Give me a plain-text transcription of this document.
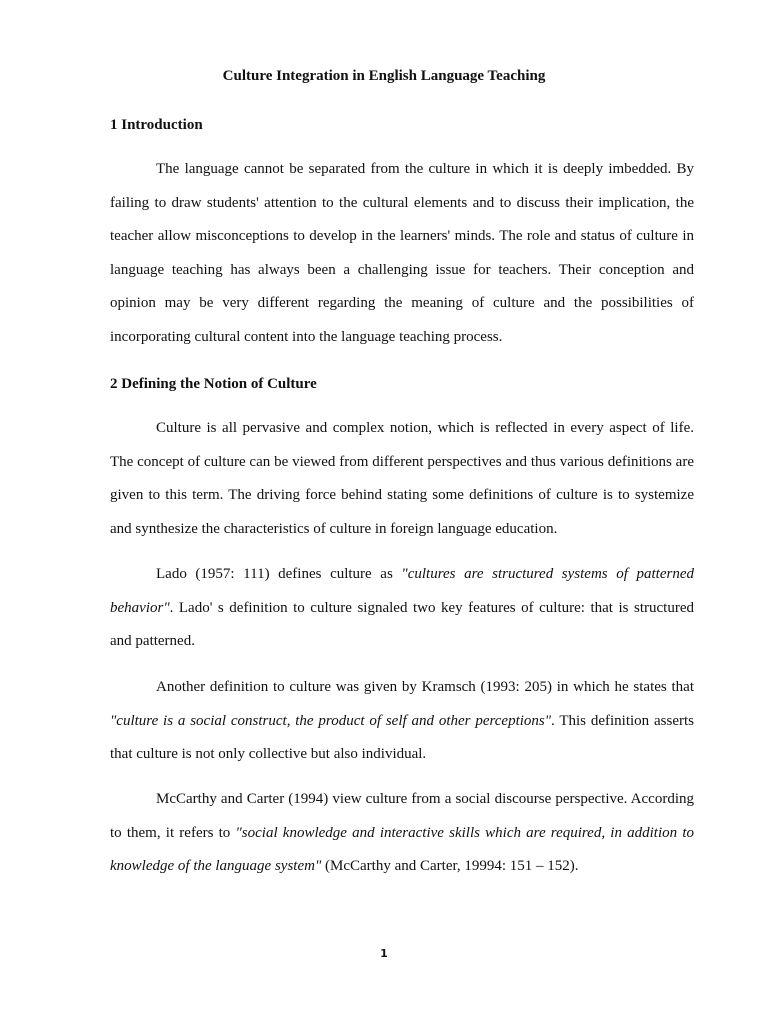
Culture Integration in English Language Teaching
1 Introduction

The language cannot be separated from the culture in which it is deeply imbedded. By failing to draw students' attention to the cultural elements and to discuss their implication, the teacher allow misconceptions to develop in the learners' minds. The role and status of culture in language teaching has always been a challenging issue for teachers. Their conception and opinion may be very different regarding the meaning of culture and the possibilities of incorporating cultural content into the language teaching process.

2 Defining the Notion of Culture

Culture is all pervasive and complex notion, which is reflected in every aspect of life. The concept of culture can be viewed from different perspectives and thus various definitions are given to this term. The driving force behind stating some definitions of culture is to systemize and synthesize the characteristics of culture in foreign language education.

Lado (1957: 111) defines culture as "cultures are structured systems of patterned behavior". Lado' s definition to culture signaled two key features of culture: that is structured and patterned.

Another definition to culture was given by Kramsch (1993: 205) in which he states that "culture is a social construct, the product of self and other perceptions". This definition asserts that culture is not only collective but also individual.

McCarthy and Carter (1994) view culture from a social discourse perspective. According to them, it refers to "social knowledge and interactive skills which are required, in addition to knowledge of the language system" (McCarthy and Carter, 19994: 151 – 152).

1
